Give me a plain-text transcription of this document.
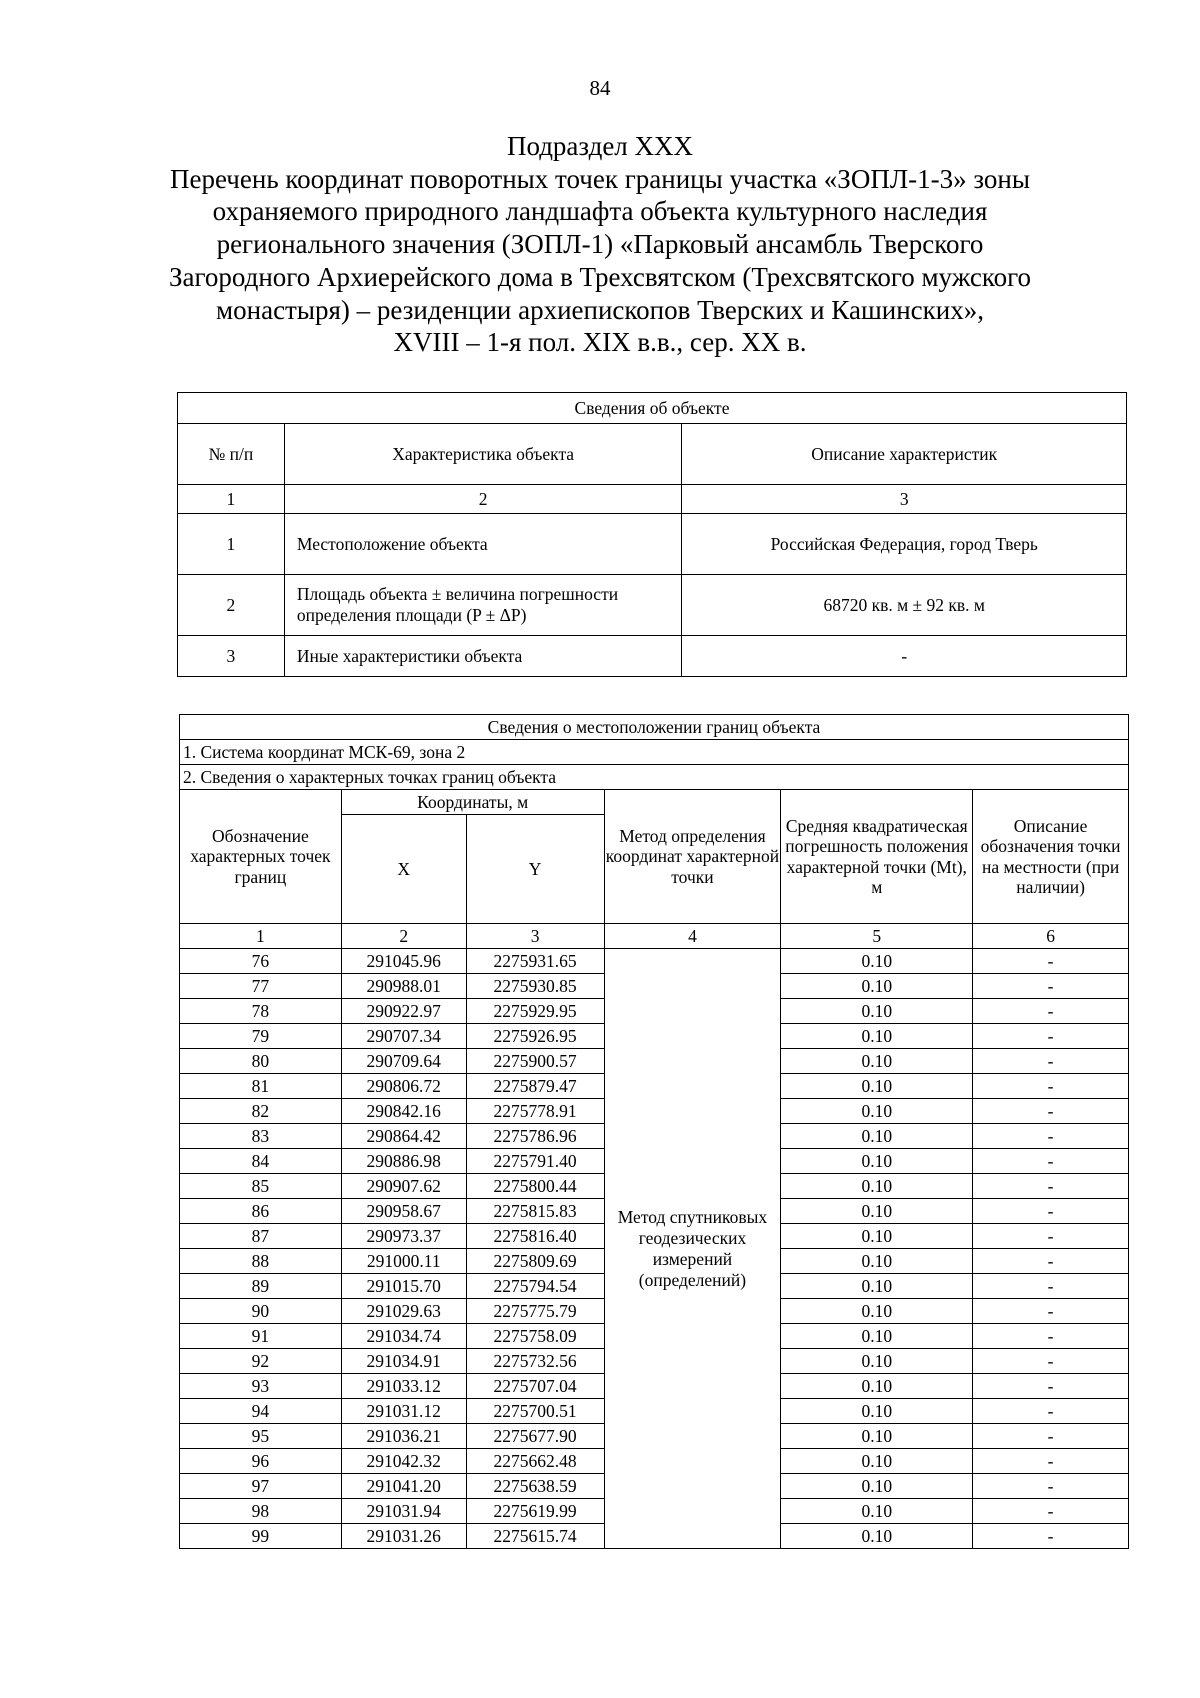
84
Подраздел XXX
Перечень координат поворотных точек границы участка «ЗОПЛ-1-3» зоны
охраняемого природного ландшафта объекта культурного наследия
регионального значения (ЗОПЛ-1) «Парковый ансамбль Тверского
Загородного Архиерейского дома в Трехсвятском (Трехсвятского мужского
монастыря) – резиденции архиепископов Тверских и Кашинских»,
XVIII – 1-я пол. XIX в.в., сер. XX в.
Сведения об объекте		
№ п/п	Характеристика объекта	Описание характеристик
1	2	3
1	Местоположение объекта	Российская Федерация, город Тверь
2	Площадь объекта ± величина погрешности определения площади (P ± ΔP)	68720 кв. м ± 92 кв. м
3	Иные характеристики объекта	-
Сведения о местоположении границ объекта					
1. Система координат МСК-69, зона 2					
2. Сведения о характерных точках границ объекта					
Обозначение характерных точек границ	Координаты, м		Метод определения координат характерной точки	Средняя квадратическая погрешность положения характерной точки (Mt), м	Описание обозначения точки на местности (при наличии)
	X	Y			
1	2	3	4	5	6
76	291045.96	2275931.65	Метод спутниковых геодезических измерений (определений)	0.10	-
77	290988.01	2275930.85		0.10	-
78	290922.97	2275929.95		0.10	-
79	290707.34	2275926.95		0.10	-
80	290709.64	2275900.57		0.10	-
81	290806.72	2275879.47		0.10	-
82	290842.16	2275778.91		0.10	-
83	290864.42	2275786.96		0.10	-
84	290886.98	2275791.40		0.10	-
85	290907.62	2275800.44		0.10	-
86	290958.67	2275815.83		0.10	-
87	290973.37	2275816.40		0.10	-
88	291000.11	2275809.69		0.10	-
89	291015.70	2275794.54		0.10	-
90	291029.63	2275775.79		0.10	-
91	291034.74	2275758.09		0.10	-
92	291034.91	2275732.56		0.10	-
93	291033.12	2275707.04		0.10	-
94	291031.12	2275700.51		0.10	-
95	291036.21	2275677.90		0.10	-
96	291042.32	2275662.48		0.10	-
97	291041.20	2275638.59		0.10	-
98	291031.94	2275619.99		0.10	-
99	291031.26	2275615.74		0.10	-
